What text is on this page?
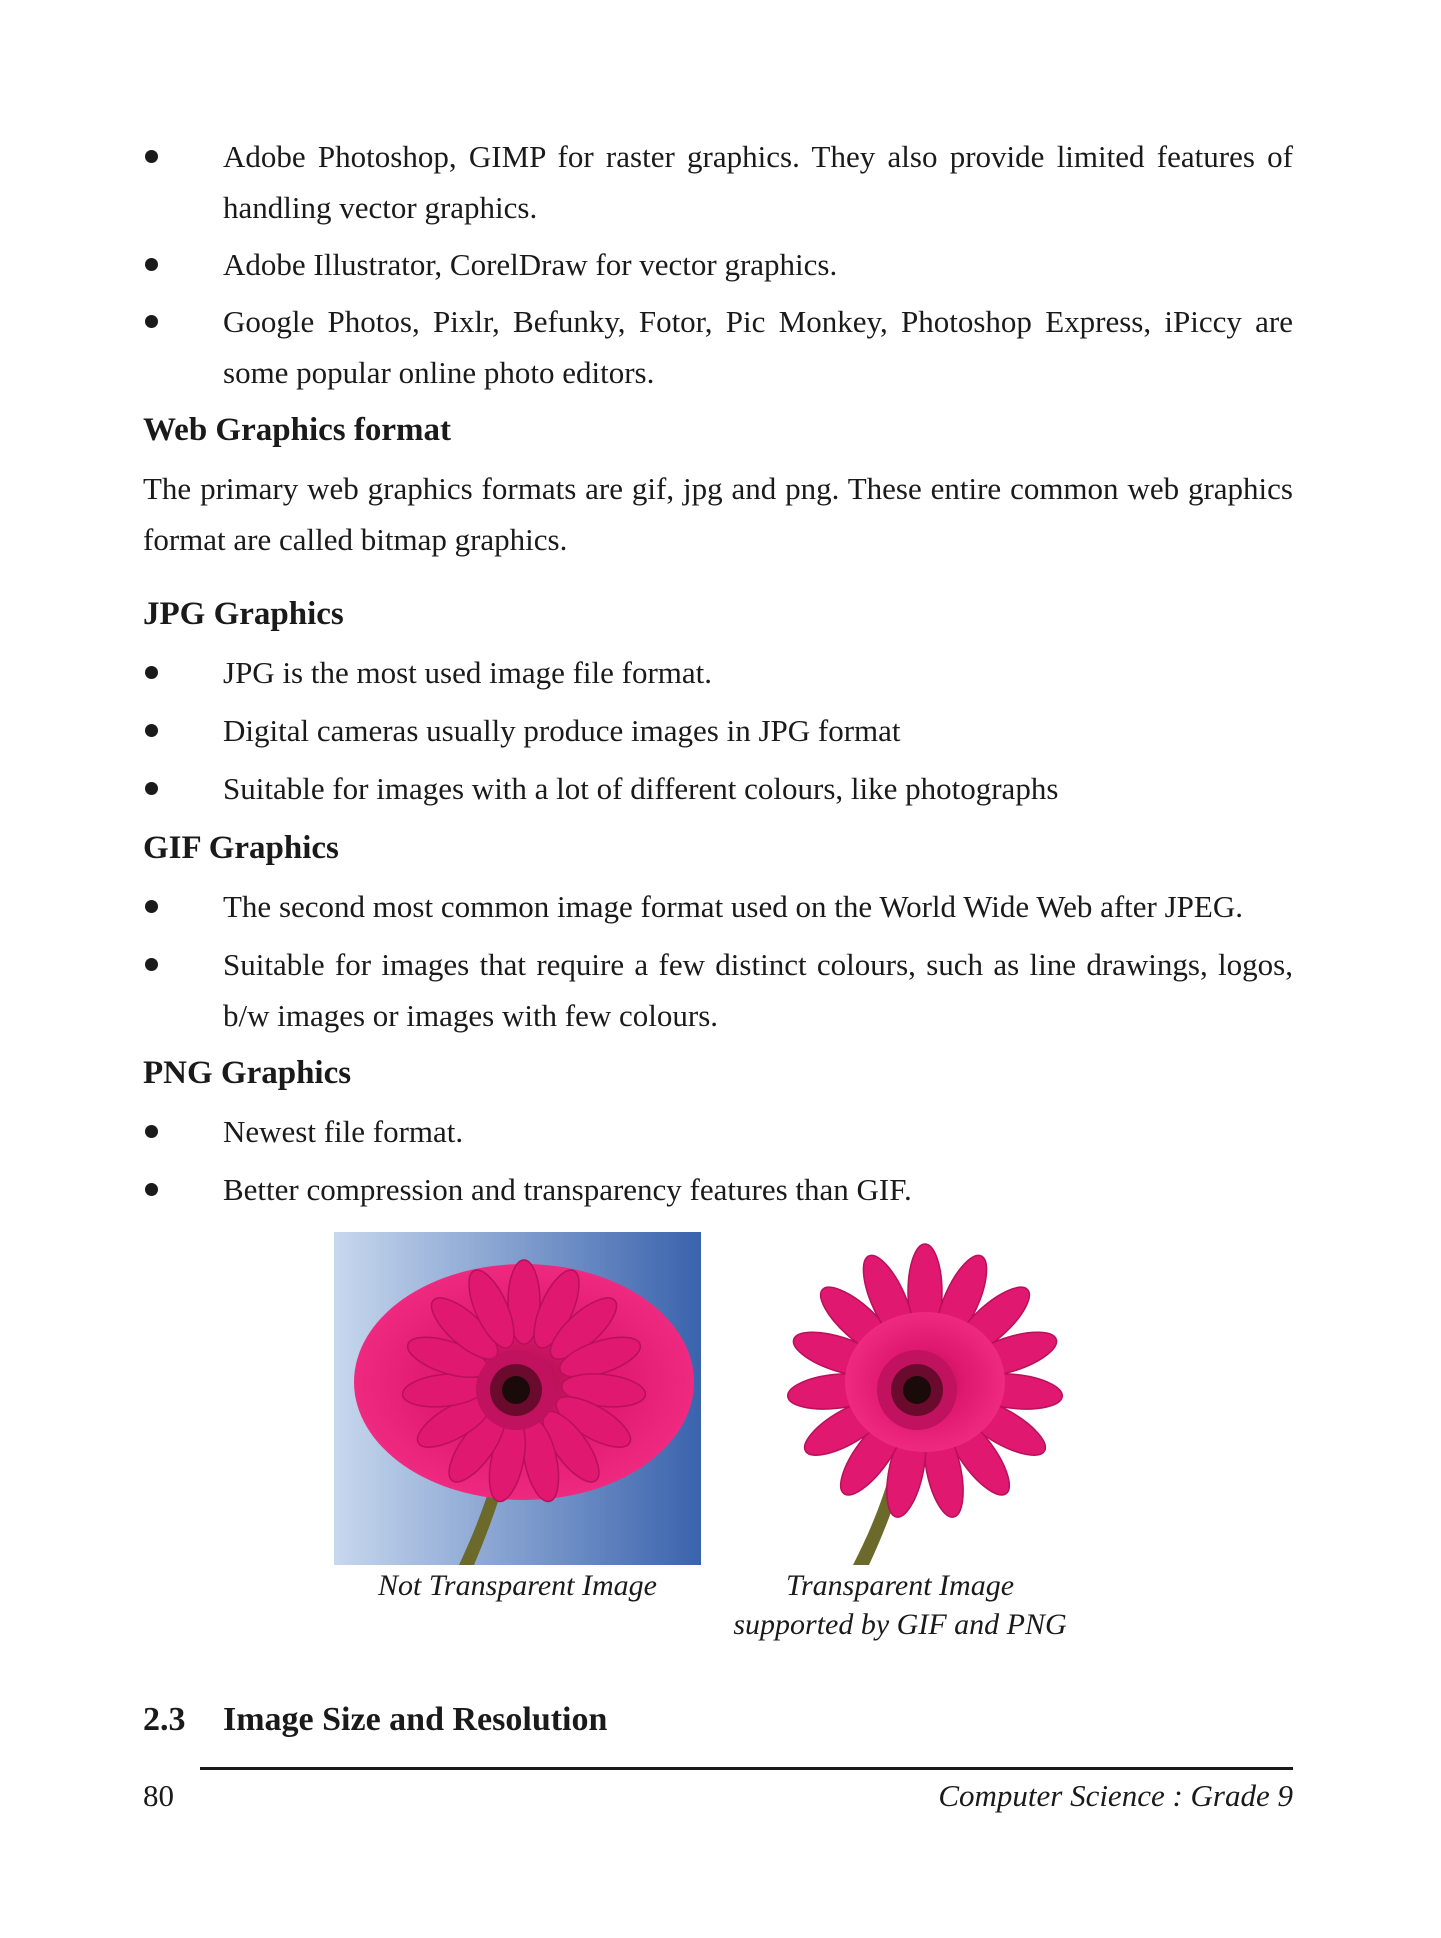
Adobe Photoshop, GIMP for raster graphics. They also provide limited features of handling vector graphics.
Adobe Illustrator, CorelDraw for vector graphics.
Google Photos, Pixlr, Befunky, Fotor, Pic Monkey, Photoshop Express, iPiccy are some popular online photo editors.
Web Graphics format

The primary web graphics formats are gif, jpg and png. These entire common web graphics format are called bitmap graphics.

JPG Graphics
JPG is the most used image file format.
Digital cameras usually produce images in JPG format
Suitable for images with a lot of different colours, like photographs
GIF Graphics
The second most common image format used on the World Wide Web after JPEG.
Suitable for images that require a few distinct colours, such as line drawings, logos, b/w images or images with few colours.
PNG Graphics
Newest file format.
Better compression and transparency features than GIF.
Not Transparent Image	Transparent Image
supported by GIF and PNG
2.3 Image Size and Resolution
80	Computer Science : Grade 9
